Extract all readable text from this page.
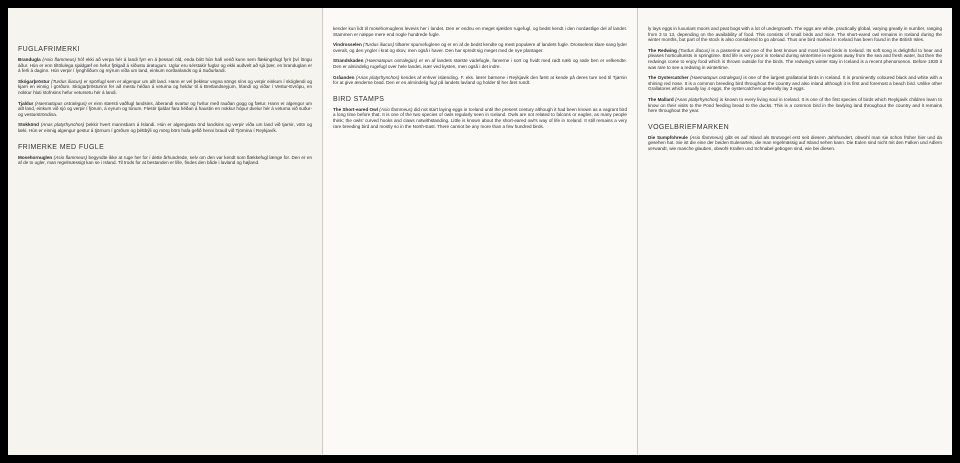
FUGLAFRIMERKI

Brandugla (Asio flammeus) hóf ekki að verpa hér á landi fyrr en á þessari öld, enda bótt hún hafi verið kunn sem flækingsfugl fyrir því löngu áður. Hún er enn tiltölulega sjaldgæf en hefur fjölgað á síðustu áratugum. Uglur eru sérstakir fuglar og ekki auðvelt að sjá þær, en branduglan er á ferli á daginn. Hún verpir í lynghlíðum og mýrum víða um land, einkum norðanlands og á Suðurlandi.

Skógarþröstur (Turdus iliacus) er spörfugl sem er algengur um allt land. Hann er vel þekktur vegna söngs síns og verpir einkum í skóglendi og kjarri en einnig í görðum. Skógarþrösturinn fer að mestu héðan á veturna og heldur til á Bretlandseyjum, Írlandi og víðar í Vestur-Evrópu, en nokkur hluti stofnsins hefur vetursetu hér á landi.

Tjaldur (Haematopus ostralegus) er einn stærsti vaðfugl landsins, áberandi svartur og hvítur með rauðan gogg og fætur. Hann er algengur um allt land, einkum við sjó og verpir í fjörum, á eyrum og túnum. Flestir tjaldar fara héðan á haustin en nokkur hópur dvelur hér á veturna við suður- og vesturströndina.

Stokkönd (Anas platyrhynchos) þekkir hvert mannsbarn á Íslandi. Hún er algengasta önd landsins og verpir víða um land við tjarnir, vötn og læki. Hún er einnig algengur gestur á tjörnum í görðum og þéttbýli og mörg börn hafa gefið henni brauð við Tjörnina í Reykjavík.

FRIMERKE MED FUGLE

Mosehornuglen (Asio flammeus) begyndte ikke at ruge her for i dette århundrede, selv om den var kendt som flækkefugl længe for. Den er en af de to ugler, man regelmæssigt kan se i Island. Til trods for at bestanden er lille, findes den både i lavland og højland.

kender kun lidt til mosehornuglens levevis her i landet. Den er endnu en meget sjælden rugefugl, og bedst kendt i den nordøstlige del af landet. Stammen er næppe mere end nogle hundrede fugle.

Vindrosselen (Turdus iliacus) tilhører spurvefuglene og er en af de bedst kendte og mest populære af landets fugle. Drosselens klare sang lyder overalt, og den yngler i krat og skov, men også i haver. Den har spredt sig meget med de nye plantager.

Strandskaden (Haematopus ostralegus) er en af landets største vadefugle, farverne i sort og hvidt med rødt næb og røde ben er velkendte. Den er almindelig rugefugl over hele landet, især ved kysten, men også i det indre.

Gråanden (Anas platyrhynchos) kendes af enhver islænding. F. eks. lærer børnene i Reykjavik den først at kende på deres ture ned til Tjørnin for at give ænderne brød. Den er en almindelig fugl på landets lavland og holder til her året rundt.

BIRD STAMPS

The Short-eared Owl (Asio flammeus) did not start laying eggs in Iceland until the present century although it had been known as a vagrant bird a long time before that. It is one of the two species of owls regularly seen in Iceland. Owls are not related to falcons or eagles, as many people think; the owls' curved hooks and claws notwithstanding. Little is known about the short-eared owl's way of life in Iceland. It still remains a very rare breeding bird and mostly so in the North-East. There cannot be any more than a few hundred birds.

ly lays eggs in luxuriant moors and peat bogs with a lot of undergrowth. The eggs are white, practically global, varying greatly in number, ranging from 3 to 13, depending on the availability of food. This consists of small birds and mice. The short-eared owl remains in Iceland during the winter months, but part of the stock is also considered to go abroad. Thus one bird marked in Iceland has been found in the British Isles.

The Redwing (Turdus iliacus) is a passerine and one of the best known and most loved birds in Iceland. Its soft song is delightful to hear and pleases horticulturists in springtime. Bird life is very poor in Iceland during wintertime in regions away from the sea and fresh water, but then the redwings come to enjoy food which is thrown outside for the birds. The redwing's winter stay in Iceland is a recent phenomenon. Before 1930 it was rare to see a redwing in wintertime.

The Oystercatcher (Haematopus ostralegus) is one of the largest grallatorial birds in Iceland. It is prominently coloured black and white with a shining red nose. It is a common breeding bird throughout the country and also inland although it is first and foremost a beach bird. Unlike other Grallatores which usually lay 4 eggs, the oystercatchers generally lay 3 eggs.

The Mallard (Anas platyrhynchos) is known to every living soul in Iceland. It is one of the first species of birds which Reykjavik children learn to know on their visits to the Pond feeding bread to the ducks. This is a common bird in the lowlying land throughout the country and it remains here throughout the year.

VOGELBRIEFMARKEN

Die Sumpfohreule (Asio flammeus) gibt es auf Island als Brutvogel erst seit diesem Jahrhundert, obwohl man sie schon früher hier und da gesehen hat. Sie ist die eine der beiden Eulenarten, die man regelmässig auf Island sehen kann. Die Eulen sind nicht mit den Falken und Adlern verwandt, wie manche glauben, obwohl Krallen und Schnabel gebogen sind, wie bei diesen.
